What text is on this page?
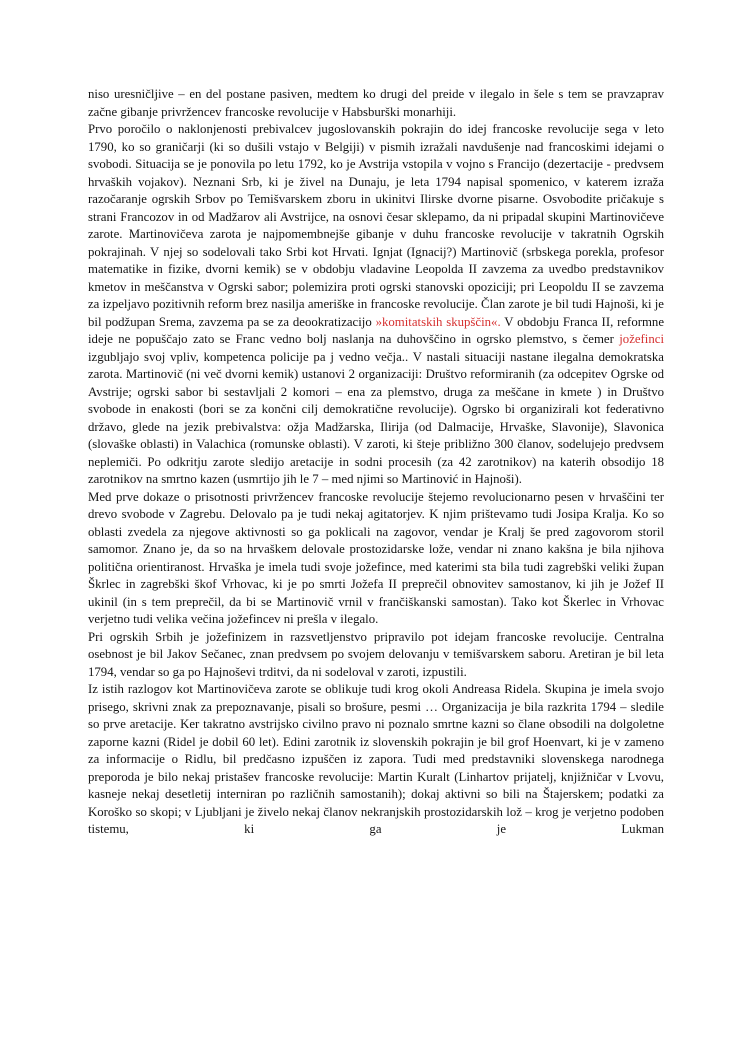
niso uresničljive – en del postane pasiven, medtem ko drugi del preide v ilegalo in šele s tem se pravzaprav začne gibanje privržencev francoske revolucije v Habsburški monarhiji.

Prvo poročilo o naklonjenosti prebivalcev jugoslovanskih pokrajin do idej francoske revolucije sega v leto 1790, ko so graničarji (ki so dušili vstajo v Belgiji) v pismih izražali navdušenje nad francoskimi idejami o svobodi. Situacija se je ponovila po letu 1792, ko je Avstrija vstopila v vojno s Francijo (dezertacije - predvsem hrvaških vojakov). Neznani Srb, ki je živel na Dunaju, je leta 1794 napisal spomenico, v katerem izraža razočaranje ogrskih Srbov po Temišvarskem zboru in ukinitvi Ilirske dvorne pisarne. Osvobodite pričakuje s strani Francozov in od Madžarov ali Avstrijce, na osnovi česar sklepamo, da ni pripadal skupini Martinovičeve zarote. Martinovičeva zarota je najpomembnejše gibanje v duhu francoske revolucije v takratnih Ogrskih pokrajinah. V njej so sodelovali tako Srbi kot Hrvati. Ignjat (Ignacij?) Martinovič (srbskega porekla, profesor matematike in fizike, dvorni kemik) se v obdobju vladavine Leopolda II zavzema za uvedbo predstavnikov kmetov in meščanstva v Ogrski sabor; polemizira proti ogrski stanovski opoziciji; pri Leopoldu II se zavzema za izpeljavo pozitivnih reform brez nasilja ameriške in francoske revolucije. Član zarote je bil tudi Hajnoši, ki je bil podžupan Srema, zavzema pa se za deookratizacijo »komitatskih skupščin«. V obdobju Franca II, reformne ideje ne popuščajo zato se Franc vedno bolj naslanja na duhovščino in ogrsko plemstvo, s čemer jožefinci izgubljajo svoj vpliv, kompetenca policije pa j vedno večja.. V nastali situaciji nastane ilegalna demokratska zarota. Martinovič (ni več dvorni kemik) ustanovi 2 organizaciji: Društvo reformiranih (za odcepitev Ogrske od Avstrije; ogrski sabor bi sestavljali 2 komori – ena za plemstvo, druga za meščane in kmete ) in Društvo svobode in enakosti (bori se za končni cilj demokratične revolucije). Ogrsko bi organizirali kot federativno državo, glede na jezik prebivalstva: ožja Madžarska, Ilirija (od Dalmacije, Hrvaške, Slavonije), Slavonica (slovaške oblasti) in Valachica (romunske oblasti). V zaroti, ki šteje približno 300 članov, sodelujejo predvsem neplemiči. Po odkritju zarote sledijo aretacije in sodni procesih (za 42 zarotnikov) na katerih obsodijo 18 zarotnikov na smrtno kazen (usmrtijo jih le 7 – med njimi so Martinović in Hajnoši).

Med prve dokaze o prisotnosti privržencev francoske revolucije štejemo revolucionarno pesen v hrvaščini ter drevo svobode v Zagrebu. Delovalo pa je tudi nekaj agitatorjev. K njim prištevamo tudi Josipa Kralja. Ko so oblasti zvedela za njegove aktivnosti so ga poklicali na zagovor, vendar je Kralj še pred zagovorom storil samomor. Znano je, da so na hrvaškem delovale prostozidarske lože, vendar ni znano kakšna je bila njihova politična orientiranost. Hrvaška je imela tudi svoje jožefince, med katerimi sta bila tudi zagrebški veliki župan Škrlec in zagrebški škof Vrhovac, ki je po smrti Jožefa II preprečil obnovitev samostanov, ki jih je Jožef II ukinil (in s tem preprečil, da bi se Martinovič vrnil v frančiškanski samostan). Tako kot Škerlec in Vrhovac verjetno tudi velika večina jožefincev ni prešla v ilegalo.

Pri ogrskih Srbih je jožefinizem in razsvetljenstvo pripravilo pot idejam francoske revolucije. Centralna osebnost je bil Jakov Sečanec, znan predvsem po svojem delovanju v temišvarskem saboru. Aretiran je bil leta 1794, vendar so ga po Hajnoševi trditvi, da ni sodeloval v zaroti, izpustili.

Iz istih razlogov kot Martinovičeva zarote se oblikuje tudi krog okoli Andreasa Ridela. Skupina je imela svojo prisego, skrivni znak za prepoznavanje, pisali so brošure, pesmi … Organizacija je bila razkrita 1794 – sledile so prve aretacije. Ker takratno avstrijsko civilno pravo ni poznalo smrtne kazni so člane obsodili na dolgoletne zaporne kazni (Ridel je dobil 60 let). Edini zarotnik iz slovenskih pokrajin je bil grof Hoenvart, ki je v zameno za informacije o Ridlu, bil predčasno izpuščen iz zapora. Tudi med predstavniki slovenskega narodnega preporoda je bilo nekaj pristašev francoske revolucije: Martin Kuralt (Linhartov prijatelj, knjižničar v Lvovu, kasneje nekaj desetletij interniran po različnih samostanih); dokaj aktivni so bili na Štajerskem; podatki za Koroško so skopi; v Ljubljani je živelo nekaj članov nekranjskih prostozidarskih lož – krog je verjetno podoben tistemu, ki ga je Lukman
